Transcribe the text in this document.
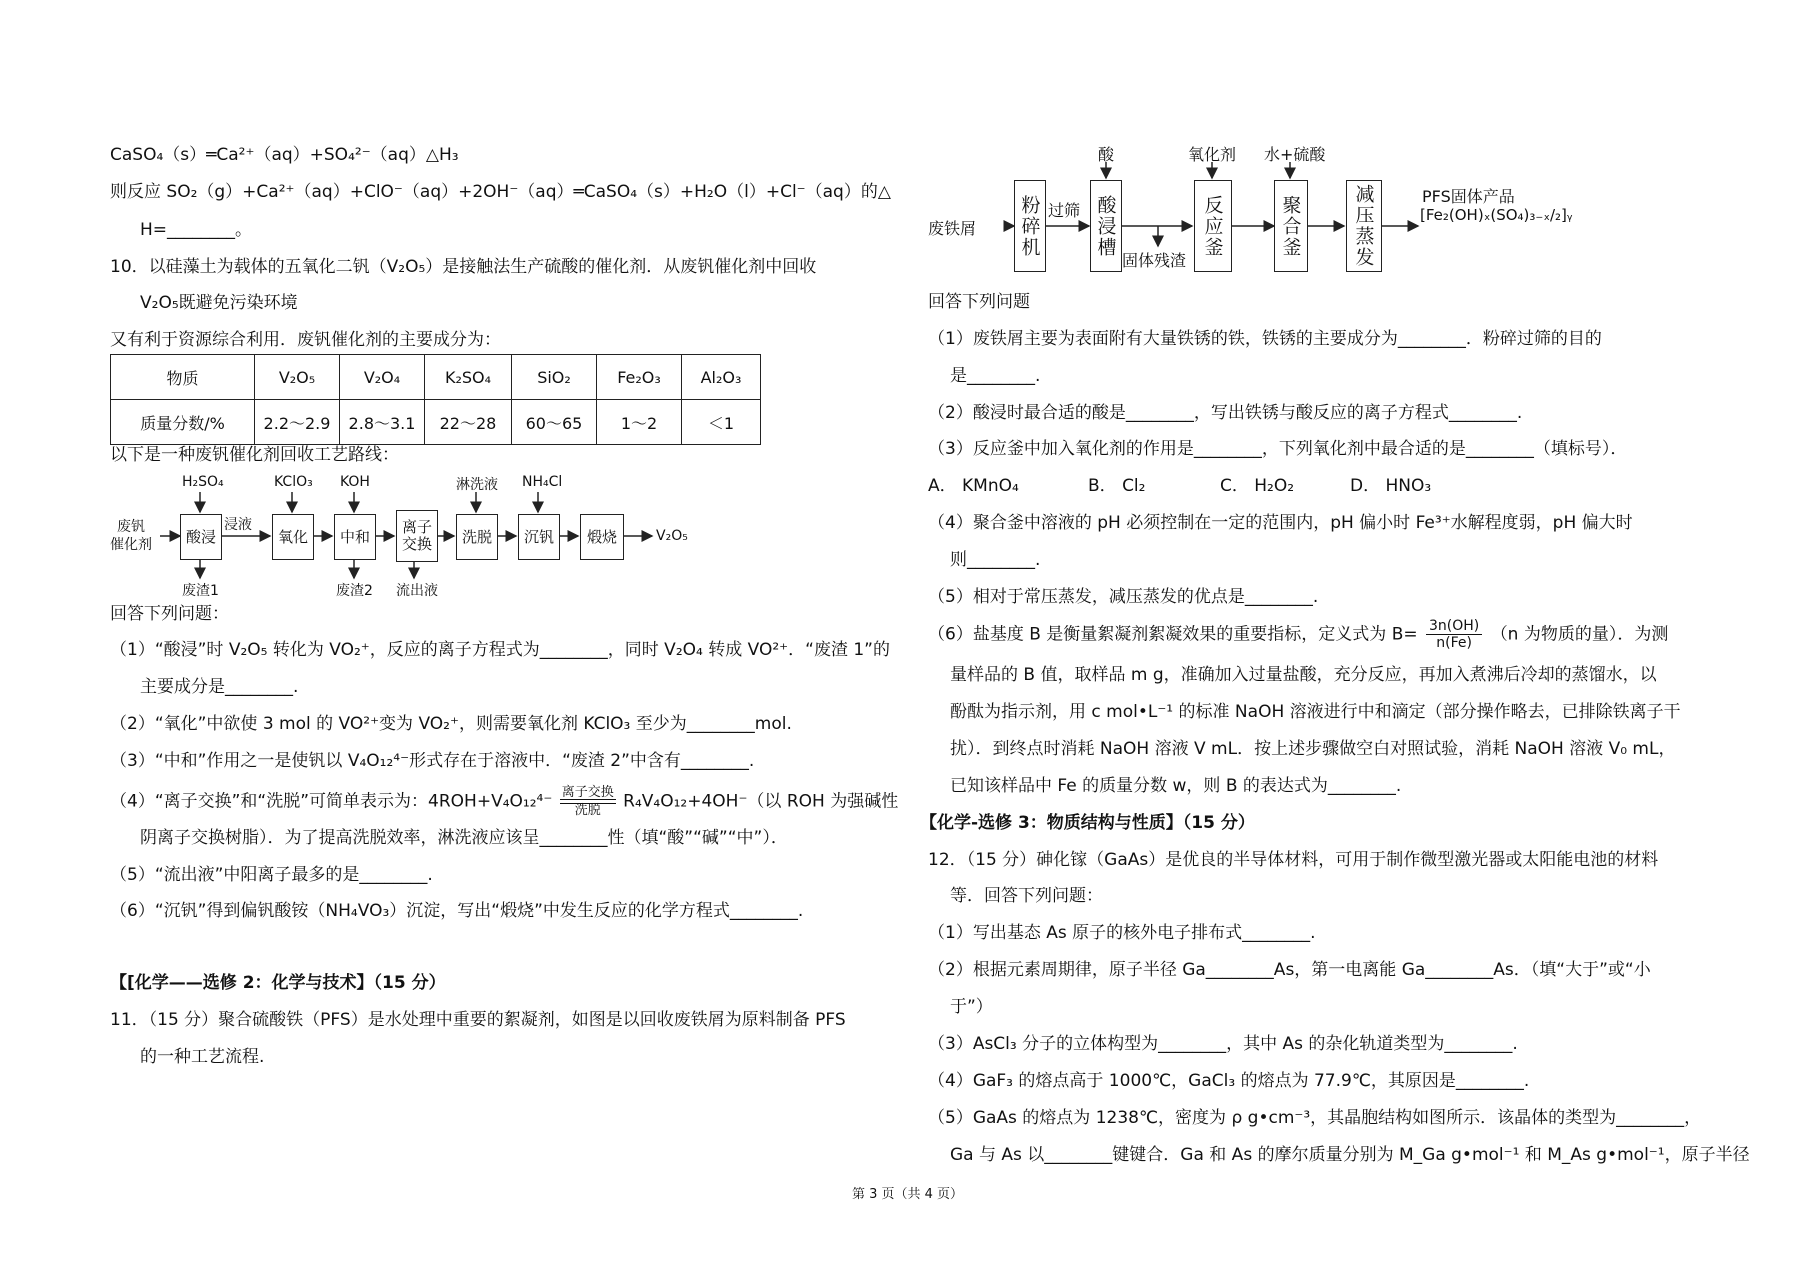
CaSO₄（s）═Ca²⁺（aq）+SO₄²⁻（aq）△H₃
则反应 SO₂（g）+Ca²⁺（aq）+ClO⁻（aq）+2OH⁻（aq）═CaSO₄（s）+H₂O（l）+Cl⁻（aq）的△
H=________。
10．以硅藻土为载体的五氧化二钒（V₂O₅）是接触法生产硫酸的催化剂．从废钒催化剂中回收
V₂O₅既避免污染环境
又有利于资源综合利用．废钒催化剂的主要成分为：
物质	V₂O₅	V₂O₄	K₂SO₄	SiO₂	Fe₂O₃	Al₂O₃
质量分数/%	2.2～2.9	2.8～3.1	22～28	60～65	1～2	＜1
以下是一种废钒催化剂回收工艺路线：
废钒
催化剂	酸浸
浸液
氧化	中和
离子
交换	洗脱	沉钒	煅烧	V₂O₅
H₂SO₄	KClO₃ KOH	淋洗液 NH₄Cl
废渣1	废渣2 流出液
回答下列问题：
（1）“酸浸”时 V₂O₅ 转化为 VO₂⁺，反应的离子方程式为________，同时 V₂O₄ 转成 VO²⁺．“废渣 1”的
主要成分是________.
（2）“氧化”中欲使 3 mol 的 VO²⁺变为 VO₂⁺，则需要氧化剂 KClO₃ 至少为________mol.
（3）“中和”作用之一是使钒以 V₄O₁₂⁴⁻形式存在于溶液中．“废渣 2”中含有________.
（4）“离子交换”和“洗脱”可简单表示为：4ROH+V₄O₁₂⁴⁻ 离子交换
洗脱	R₄V₄O₁₂+4OH⁻（以 ROH 为强碱性
阴离子交换树脂）．为了提高洗脱效率，淋洗液应该呈________性（填“酸”“碱”“中”）．
（5）“流出液”中阳离子最多的是________.
（6）“沉钒”得到偏钒酸铵（NH₄VO₃）沉淀，写出“煅烧”中发生反应的化学方程式________.
【[化学——选修 2：化学与技术】（15 分）
11．（15 分）聚合硫酸铁（PFS）是水处理中重要的絮凝剂，如图是以回收废铁屑为原料制备 PFS
的一种工艺流程.
废铁屑 粉碎机 过筛 酸浸槽	反应釜	聚合釜	减压蒸发
酸	氧化剂 水+硫酸
固体残渣
PFS固体产品
[Fe₂(OH)ₓ(SO₄)₃₋ₓ/₂]ᵧ
回答下列问题
（1）废铁屑主要为表面附有大量铁锈的铁，铁锈的主要成分为________．粉碎过筛的目的
是________.
（2）酸浸时最合适的酸是________，写出铁锈与酸反应的离子方程式________.
（3）反应釜中加入氧化剂的作用是________，下列氧化剂中最合适的是________（填标号）．
A． KMnO₄	B． Cl₂	C． H₂O₂	D． HNO₃
（4）聚合釜中溶液的 pH 必须控制在一定的范围内，pH 偏小时 Fe³⁺水解程度弱，pH 偏大时
则________.
（5）相对于常压蒸发，减压蒸发的优点是________.
（6）盐基度 B 是衡量絮凝剂絮凝效果的重要指标，定义式为 $B= \frac{3n(OH)}{n(Fe)} (n$ 为物质的量）．为测
量样品的 B 值，取样品 m g，准确加入过量盐酸，充分反应，再加入煮沸后冷却的蒸馏水，以
酚酞为指示剂，用 c mol•L⁻¹ 的标准 NaOH 溶液进行中和滴定（部分操作略去，已排除铁离子干
扰）．到终点时消耗 NaOH 溶液 V mL．按上述步骤做空白对照试验，消耗 NaOH 溶液 V₀ mL，
已知该样品中 Fe 的质量分数 w，则 B 的表达式为________.
【化学-选修 3：物质结构与性质】（15 分）
12．（15 分）砷化镓（GaAs）是优良的半导体材料，可用于制作微型激光器或太阳能电池的材料
等．回答下列问题：
（1）写出基态 As 原子的核外电子排布式________.
（2）根据元素周期律，原子半径 Ga________As，第一电离能 Ga________As．（填“大于”或“小
于”）
（3）AsCl₃ 分子的立体构型为________，其中 As 的杂化轨道类型为________.
（4）GaF₃ 的熔点高于 1000℃，GaCl₃ 的熔点为 77.9℃，其原因是________.
（5）GaAs 的熔点为 1238℃，密度为 ρ g•cm⁻³，其晶胞结构如图所示．该晶体的类型为________，
Ga 与 As 以________键键合．Ga 和 As 的摩尔质量分别为 M_Ga g•mol⁻¹ 和 M_As g•mol⁻¹，原子半径
第 3 页（共 4 页）
